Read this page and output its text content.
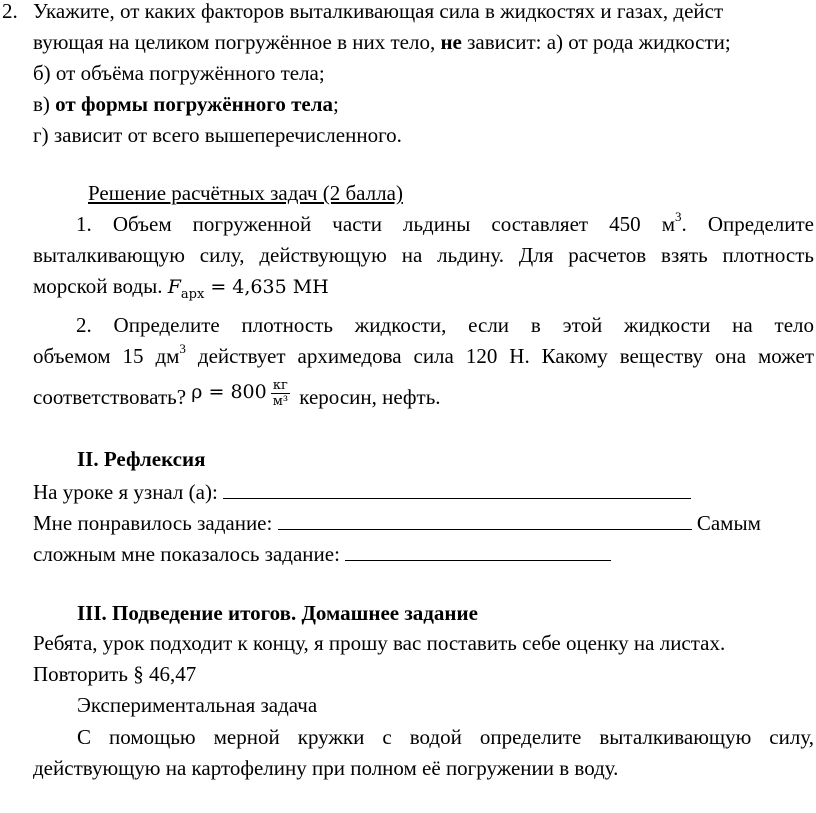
2. Укажите, от каких факторов выталкивающая сила в жидкостях и газах, дейст
вующая на целиком погружённое в них тело, не зависит: а) от рода жидкости;
б) от объёма погружённого тела;
в) от формы погружённого тела;
г) зависит от всего вышеперечисленного.
Решение расчётных задач (2 балла)
1. Объем погруженной части льдины составляет 450 $м^3$. Определите
выталкивающую силу, действующую на льдину. Для расчетов взять плотность
морской воды. $F_{арх} = 4,635$ МН
2. Определите плотность жидкости, если в этой жидкости на тело
объемом 15 $дм^3$ действует архимедова сила 120 Н. Какому веществу она может
соответствовать? $\rho = 800 \frac{кг}{\text{м³}}$ керосин, нефть.
II. Рефлексия
На уроке я узнал (а):
Мне понравилось задание:	Самым
сложным мне показалось задание:
III. Подведение итогов. Домашнее задание
Ребята, урок подходит к концу, я прошу вас поставить себе оценку на листах.
Повторить § 46,47
Экспериментальная задача
С помощью мерной кружки с водой определите выталкивающую силу,
действующую на картофелину при полном её погружении в воду.
